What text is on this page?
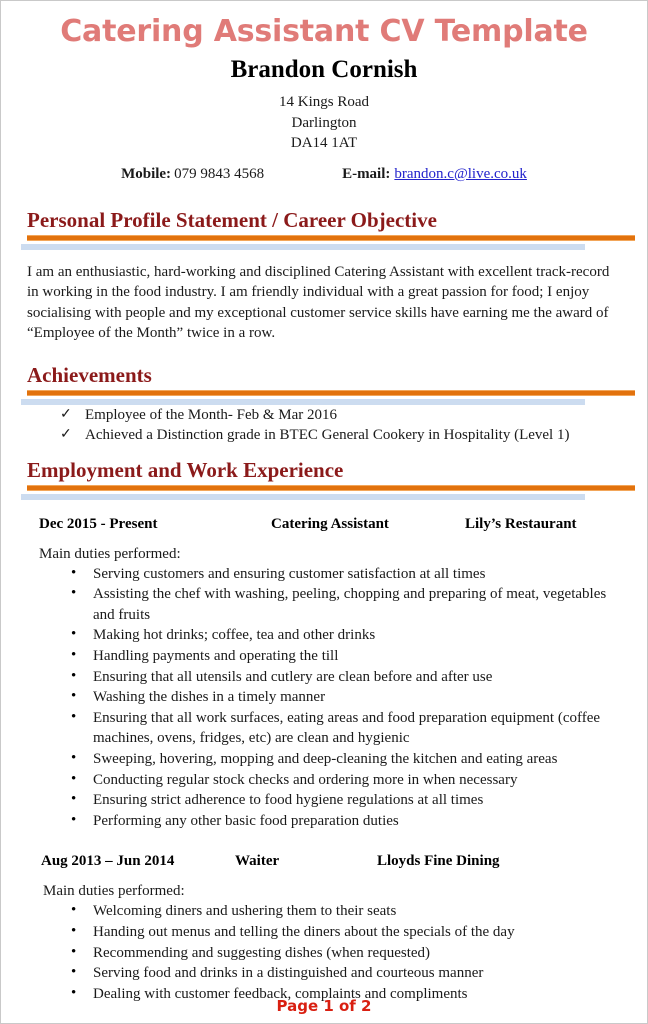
Catering Assistant CV Template
Brandon Cornish
14 Kings Road
Darlington
DA14 1AT
Mobile: 079 9843 4568	E-mail: brandon.c@live.co.uk
Personal Profile Statement / Career Objective
I am an enthusiastic, hard-working and disciplined Catering Assistant with excellent track-record in working in the food industry. I am friendly individual with a great passion for food; I enjoy socialising with people and my exceptional customer service skills have earning me the award of “Employee of the Month” twice in a row.
Achievements
✓ Employee of the Month- Feb & Mar 2016
✓ Achieved a Distinction grade in BTEC General Cookery in Hospitality (Level 1)
Employment and Work Experience
Dec 2015 - Present	Catering Assistant	Lily’s Restaurant
Main duties performed:
• Serving customers and ensuring customer satisfaction at all times
• Assisting the chef with washing, peeling, chopping and preparing of meat, vegetables and fruits
• Making hot drinks; coffee, tea and other drinks
• Handling payments and operating the till
• Ensuring that all utensils and cutlery are clean before and after use
• Washing the dishes in a timely manner
• Ensuring that all work surfaces, eating areas and food preparation equipment (coffee machines, ovens, fridges, etc) are clean and hygienic
• Sweeping, hovering, mopping and deep-cleaning the kitchen and eating areas
• Conducting regular stock checks and ordering more in when necessary
• Ensuring strict adherence to food hygiene regulations at all times
• Performing any other basic food preparation duties
Aug 2013 – Jun 2014	Waiter	Lloyds Fine Dining
Main duties performed:
• Welcoming diners and ushering them to their seats
• Handing out menus and telling the diners about the specials of the day
• Recommending and suggesting dishes (when requested)
• Serving food and drinks in a distinguished and courteous manner
• Dealing with customer feedback, complaints and compliments
Page 1 of 2
